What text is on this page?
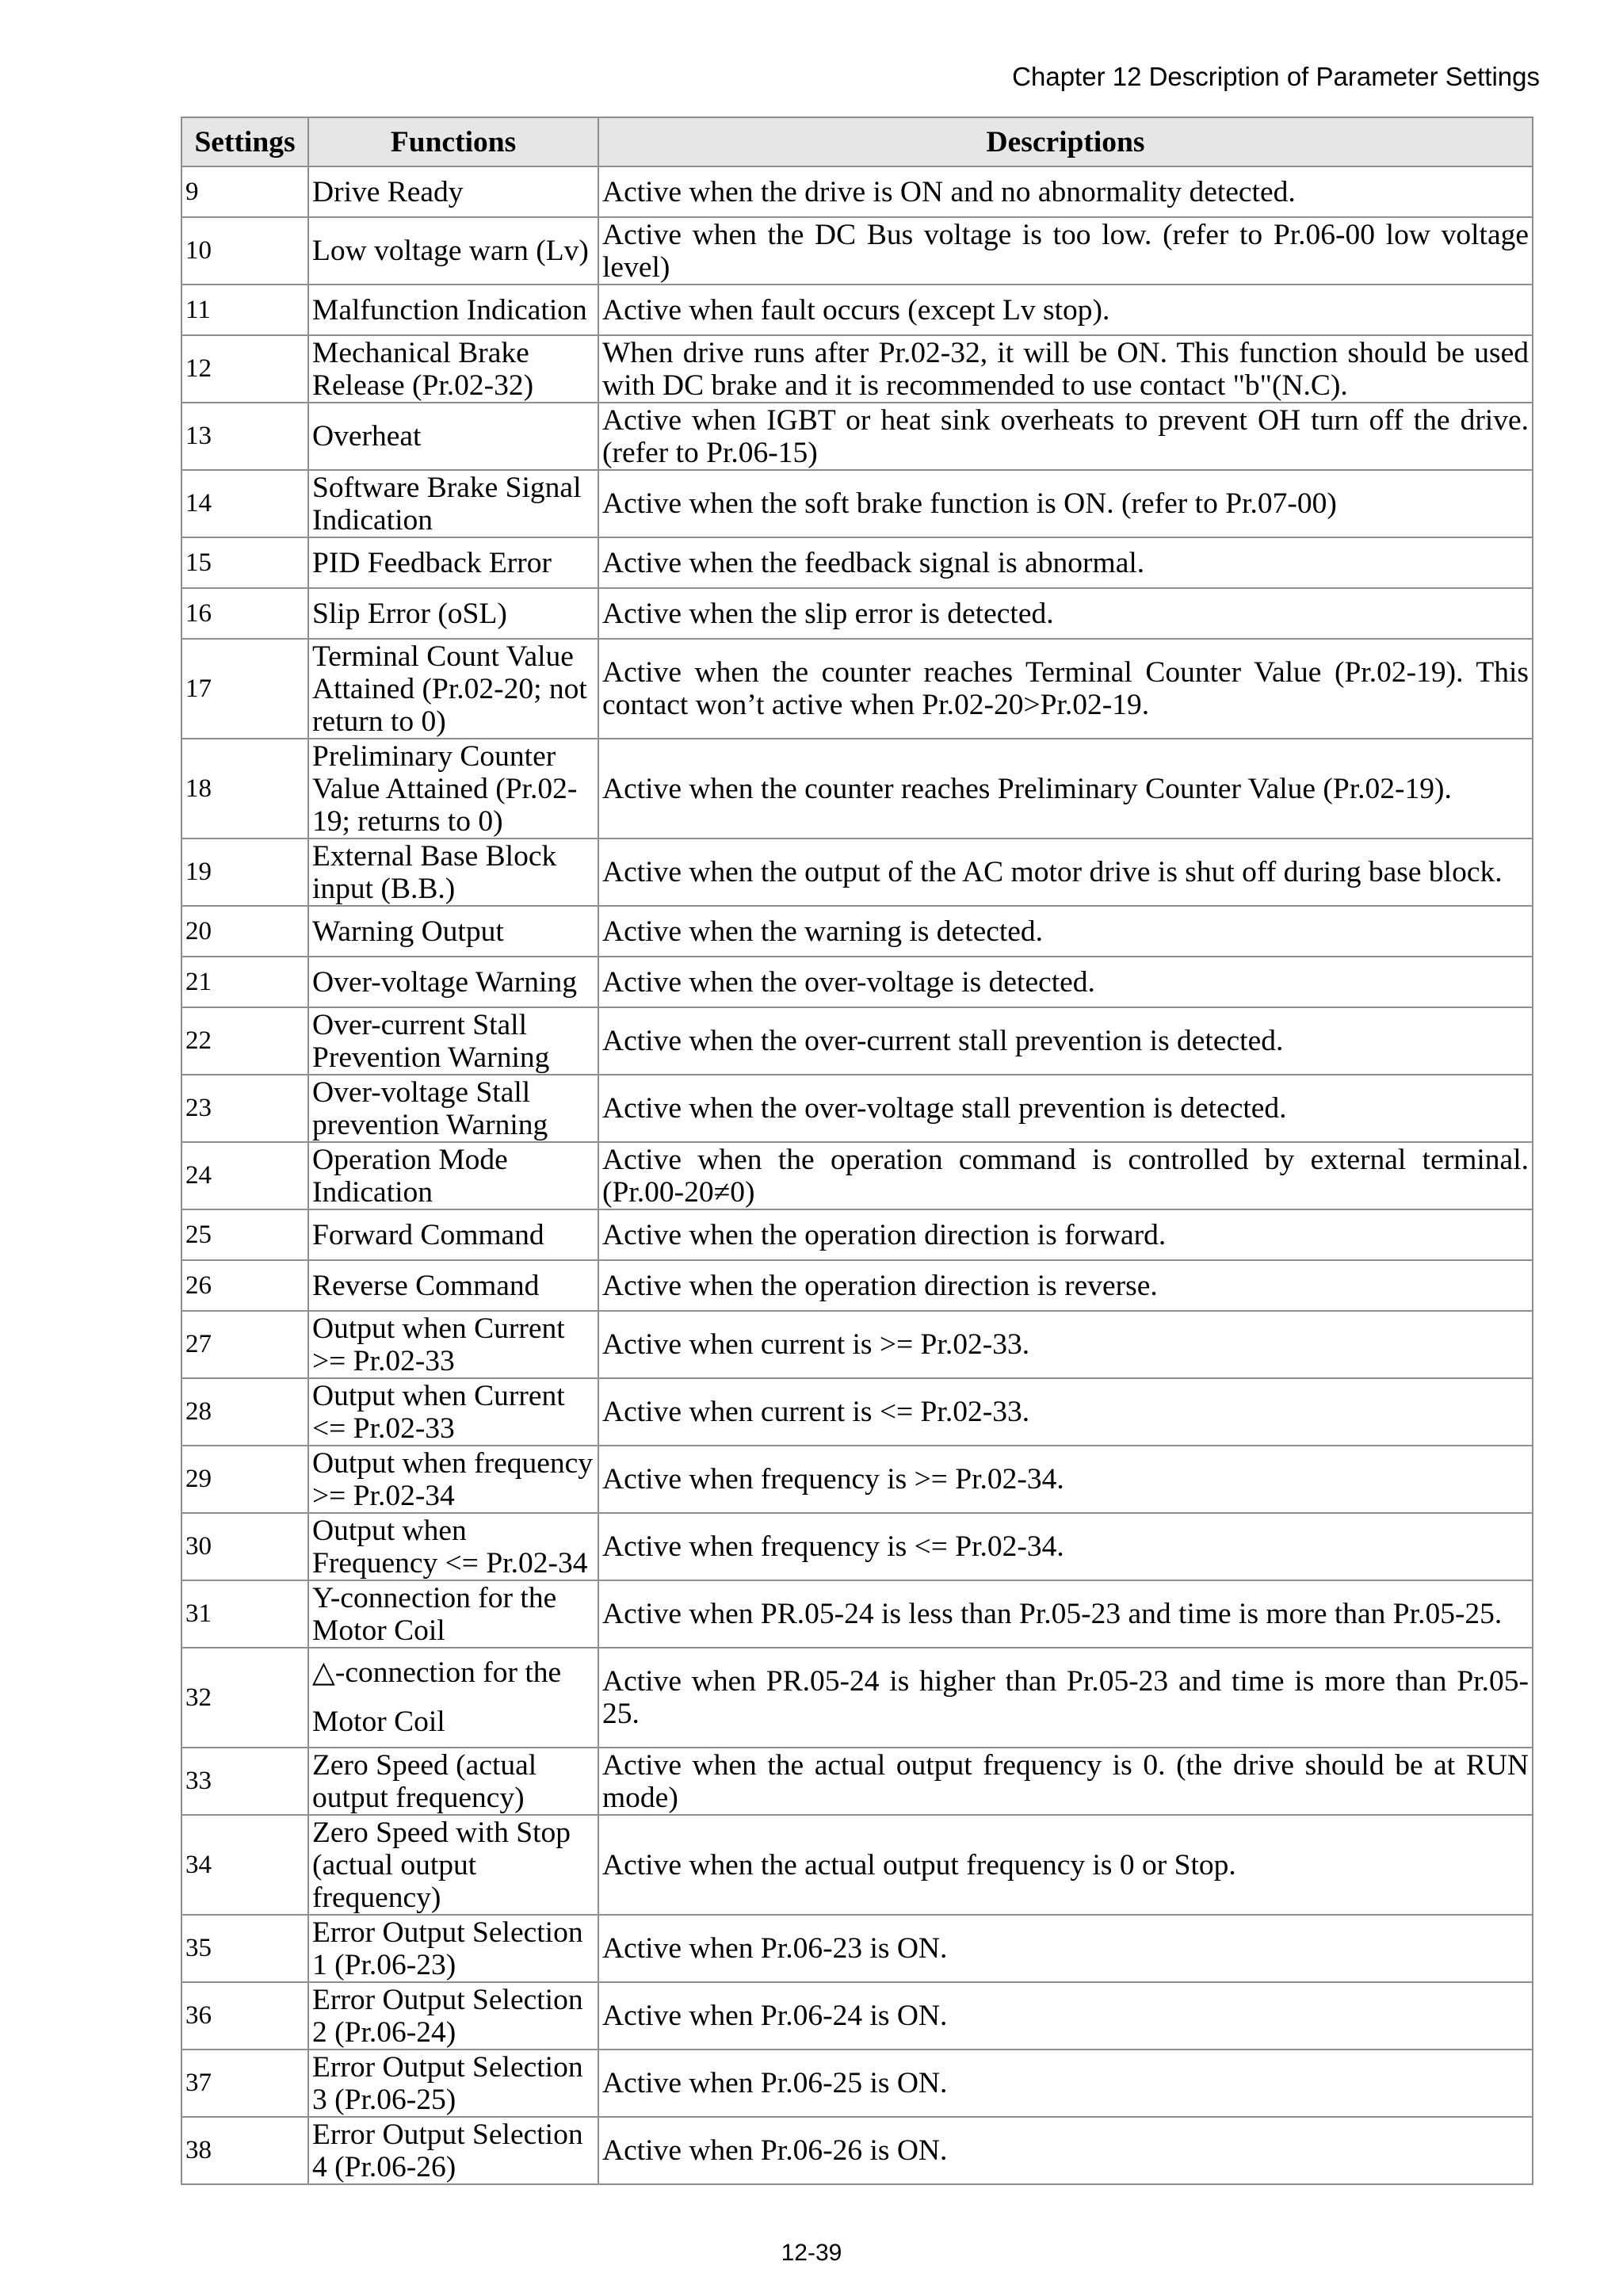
Chapter 12 Description of Parameter Settings
Settings	Functions	Descriptions
9	Drive Ready	Active when the drive is ON and no abnormality detected.
10	Low voltage warn (Lv)	Active when the DC Bus voltage is too low. (refer to Pr.06-00 low voltage level)
11	Malfunction Indication	Active when fault occurs (except Lv stop).
12	Mechanical Brake Release (Pr.02-32)	When drive runs after Pr.02-32, it will be ON. This function should be used with DC brake and it is recommended to use contact "b"(N.C).
13	Overheat	Active when IGBT or heat sink overheats to prevent OH turn off the drive. (refer to Pr.06-15)
14	Software Brake Signal Indication	Active when the soft brake function is ON. (refer to Pr.07-00)
15	PID Feedback Error	Active when the feedback signal is abnormal.
16	Slip Error (oSL)	Active when the slip error is detected.
17	Terminal Count Value Attained (Pr.02-20; not return to 0)	Active when the counter reaches Terminal Counter Value (Pr.02-19). This contact won’t active when Pr.02-20>Pr.02-19.
18	Preliminary Counter Value Attained (Pr.02-19; returns to 0)	Active when the counter reaches Preliminary Counter Value (Pr.02-19).
19	External Base Block input (B.B.)	Active when the output of the AC motor drive is shut off during base block.
20	Warning Output	Active when the warning is detected.
21	Over-voltage Warning	Active when the over-voltage is detected.
22	Over-current Stall Prevention Warning	Active when the over-current stall prevention is detected.
23	Over-voltage Stall prevention Warning	Active when the over-voltage stall prevention is detected.
24	Operation Mode Indication	Active when the operation command is controlled by external terminal. (Pr.00-20≠0)
25	Forward Command	Active when the operation direction is forward.
26	Reverse Command	Active when the operation direction is reverse.
27	Output when Current >= Pr.02-33	Active when current is >= Pr.02-33.
28	Output when Current <= Pr.02-33	Active when current is <= Pr.02-33.
29	Output when frequency >= Pr.02-34	Active when frequency is >= Pr.02-34.
30	Output when Frequency <= Pr.02-34	Active when frequency is <= Pr.02-34.
31	Y-connection for the Motor Coil	Active when PR.05-24 is less than Pr.05-23 and time is more than Pr.05-25.
32	△-connection for the Motor Coil	Active when PR.05-24 is higher than Pr.05-23 and time is more than Pr.05-25.
33	Zero Speed (actual output frequency)	Active when the actual output frequency is 0. (the drive should be at RUN mode)
34	Zero Speed with Stop (actual output frequency)	Active when the actual output frequency is 0 or Stop.
35	Error Output Selection 1 (Pr.06-23)	Active when Pr.06-23 is ON.
36	Error Output Selection 2 (Pr.06-24)	Active when Pr.06-24 is ON.
37	Error Output Selection 3 (Pr.06-25)	Active when Pr.06-25 is ON.
38	Error Output Selection 4 (Pr.06-26)	Active when Pr.06-26 is ON.
12-39
